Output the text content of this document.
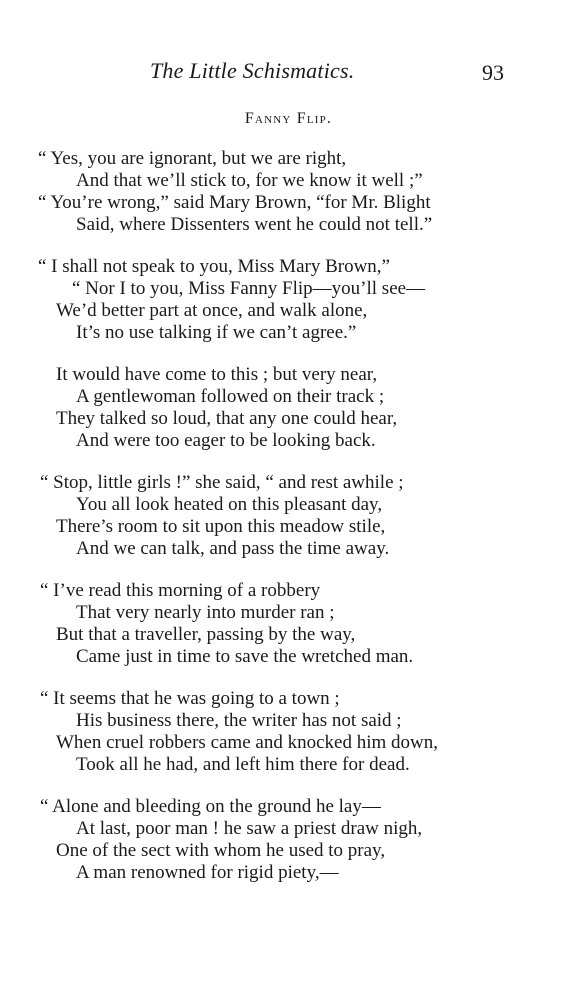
The Little Schismatics.	93
Fanny Flip.
“ Yes, you are ignorant, but we are right,
And that we’ll stick to, for we know it well ;”
“ You’re wrong,” said Mary Brown, “for Mr. Blight
Said, where Dissenters went he could not tell.”
“ I shall not speak to you, Miss Mary Brown,”
“ Nor I to you, Miss Fanny Flip—you’ll see—
We’d better part at once, and walk alone,
It’s no use talking if we can’t agree.”
It would have come to this ; but very near,
A gentlewoman followed on their track ;
They talked so loud, that any one could hear,
And were too eager to be looking back.
“ Stop, little girls !” she said, “ and rest awhile ;
You all look heated on this pleasant day,
There’s room to sit upon this meadow stile,
And we can talk, and pass the time away.
“ I’ve read this morning of a robbery
That very nearly into murder ran ;
But that a traveller, passing by the way,
Came just in time to save the wretched man.
“ It seems that he was going to a town ;
His business there, the writer has not said ;
When cruel robbers came and knocked him down,
Took all he had, and left him there for dead.
“ Alone and bleeding on the ground he lay—
At last, poor man ! he saw a priest draw nigh,
One of the sect with whom he used to pray,
A man renowned for rigid piety,—
